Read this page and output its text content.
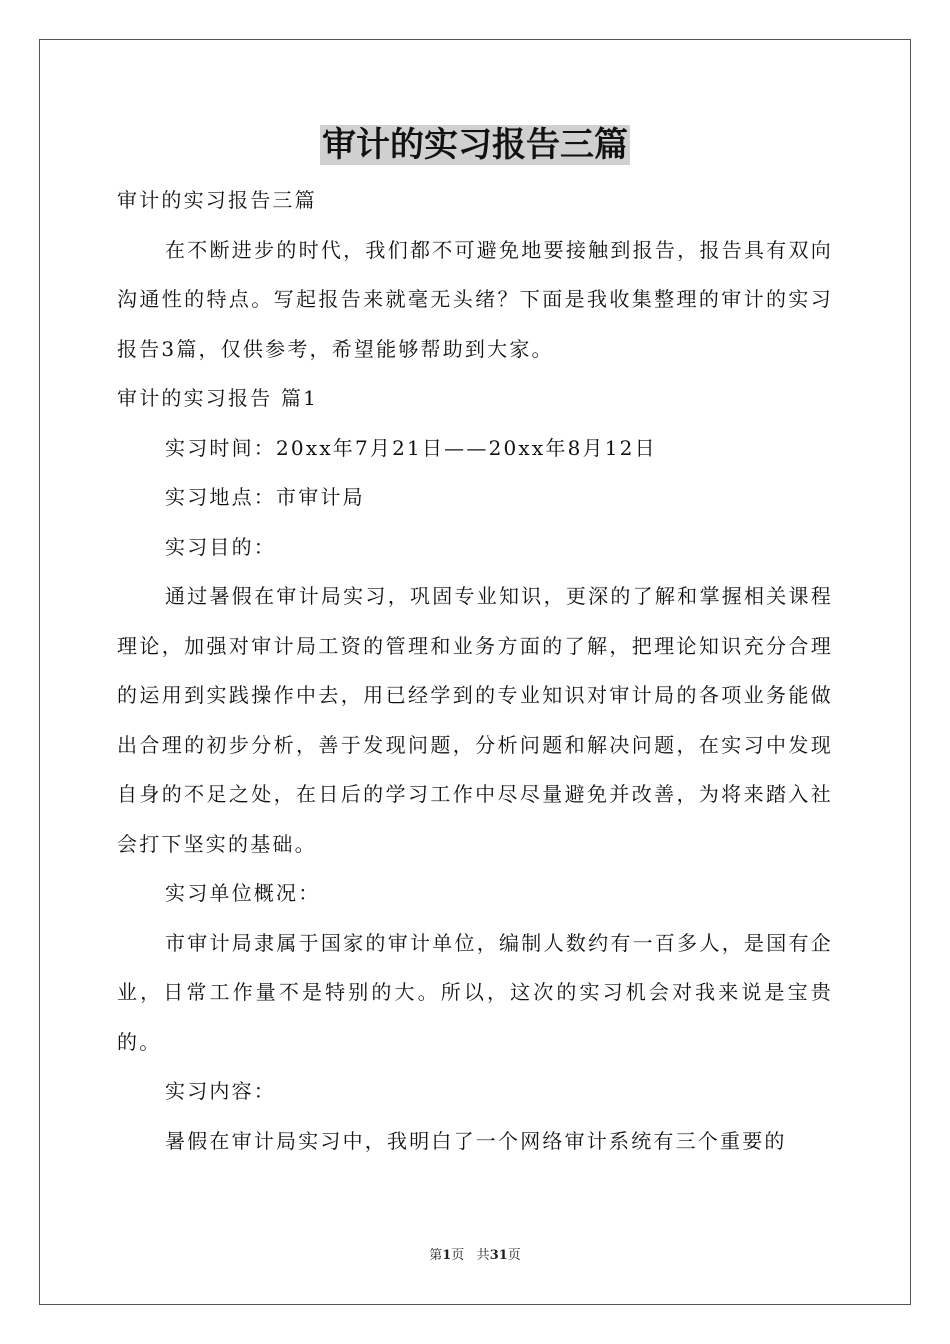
审计的实习报告三篇

审计的实习报告三篇

在不断进步的时代，我们都不可避免地要接触到报告，报告具有双向沟通性的特点。写起报告来就毫无头绪？下面是我收集整理的审计的实习报告3篇，仅供参考，希望能够帮助到大家。

审计的实习报告 篇1

实习时间：20xx年7月21日——20xx年8月12日

实习地点：市审计局

实习目的：

通过暑假在审计局实习，巩固专业知识，更深的了解和掌握相关课程理论，加强对审计局工资的管理和业务方面的了解，把理论知识充分合理的运用到实践操作中去，用已经学到的专业知识对审计局的各项业务能做出合理的初步分析，善于发现问题，分析问题和解决问题，在实习中发现自身的不足之处，在日后的学习工作中尽尽量避免并改善，为将来踏入社会打下坚实的基础。

实习单位概况：

市审计局隶属于国家的审计单位，编制人数约有一百多人，是国有企业，日常工作量不是特别的大。所以，这次的实习机会对我来说是宝贵的。

实习内容：

暑假在审计局实习中，我明白了一个网络审计系统有三个重要的

第1页 共31页
